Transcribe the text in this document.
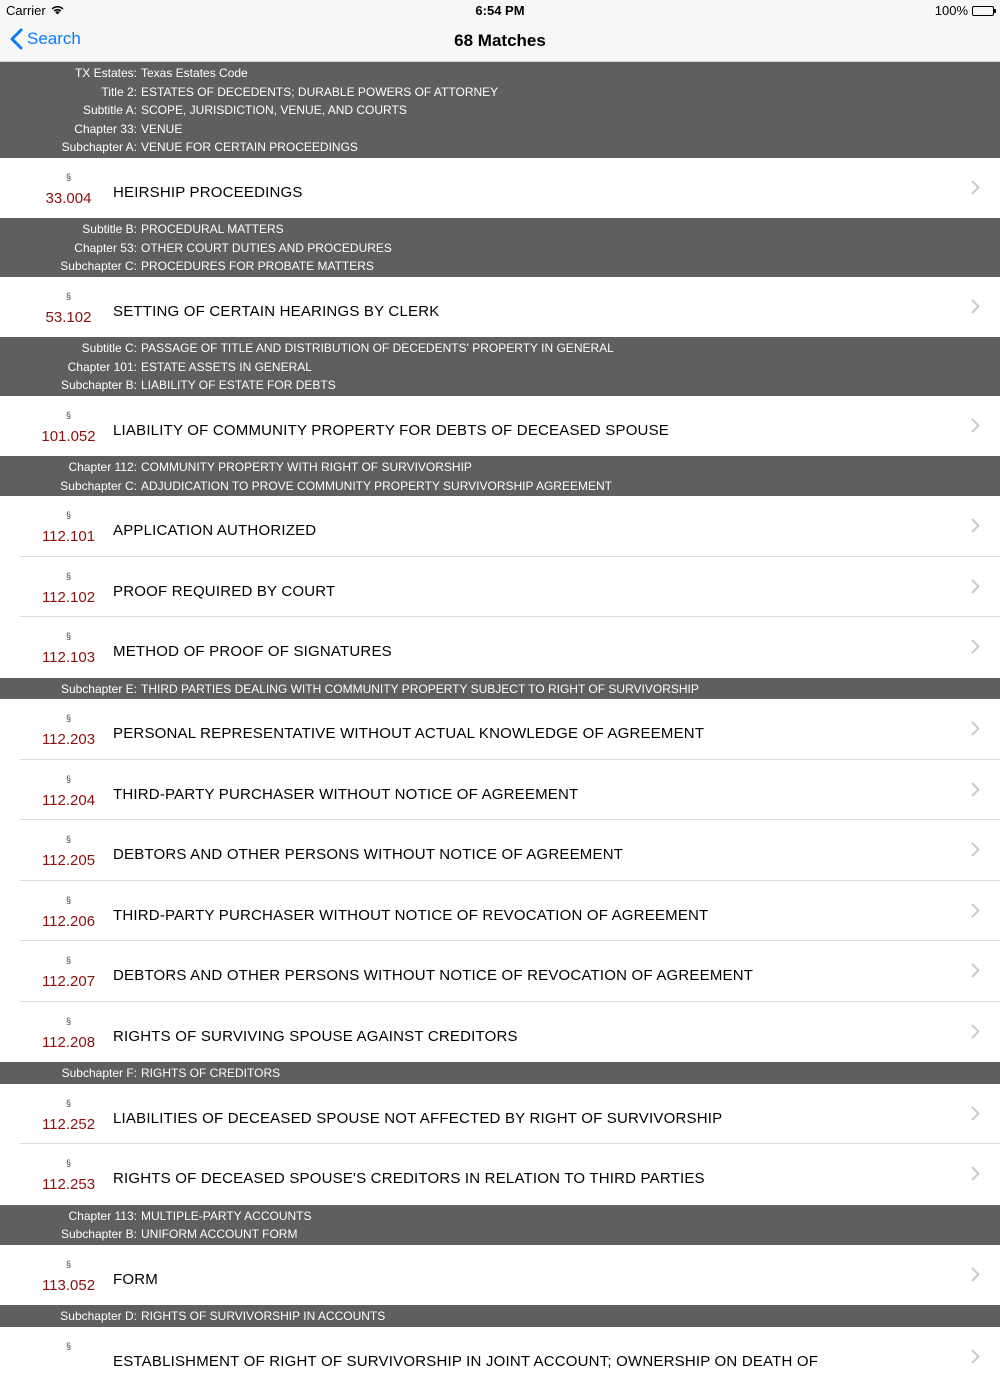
Carrier	6:54 PM	100%
Search	68 Matches
TX Estates: Texas Estates Code
Title 2: ESTATES OF DECEDENTS; DURABLE POWERS OF ATTORNEY
Subtitle A: SCOPE, JURISDICTION, VENUE, AND COURTS
Chapter 33: VENUE
Subchapter A: VENUE FOR CERTAIN PROCEEDINGS
§
33.004	HEIRSHIP PROCEEDINGS
Subtitle B: PROCEDURAL MATTERS
Chapter 53: OTHER COURT DUTIES AND PROCEDURES
Subchapter C: PROCEDURES FOR PROBATE MATTERS
§
53.102	SETTING OF CERTAIN HEARINGS BY CLERK
Subtitle C: PASSAGE OF TITLE AND DISTRIBUTION OF DECEDENTS' PROPERTY IN GENERAL
Chapter 101: ESTATE ASSETS IN GENERAL
Subchapter B: LIABILITY OF ESTATE FOR DEBTS
§
101.052	LIABILITY OF COMMUNITY PROPERTY FOR DEBTS OF DECEASED SPOUSE
Chapter 112: COMMUNITY PROPERTY WITH RIGHT OF SURVIVORSHIP
Subchapter C: ADJUDICATION TO PROVE COMMUNITY PROPERTY SURVIVORSHIP AGREEMENT
§
112.101	APPLICATION AUTHORIZED
§
112.102	PROOF REQUIRED BY COURT
§
112.103	METHOD OF PROOF OF SIGNATURES
Subchapter E: THIRD PARTIES DEALING WITH COMMUNITY PROPERTY SUBJECT TO RIGHT OF SURVIVORSHIP
§
112.203	PERSONAL REPRESENTATIVE WITHOUT ACTUAL KNOWLEDGE OF AGREEMENT
§
112.204	THIRD-PARTY PURCHASER WITHOUT NOTICE OF AGREEMENT
§
112.205	DEBTORS AND OTHER PERSONS WITHOUT NOTICE OF AGREEMENT
§
112.206	THIRD-PARTY PURCHASER WITHOUT NOTICE OF REVOCATION OF AGREEMENT
§
112.207	DEBTORS AND OTHER PERSONS WITHOUT NOTICE OF REVOCATION OF AGREEMENT
§
112.208	RIGHTS OF SURVIVING SPOUSE AGAINST CREDITORS
Subchapter F: RIGHTS OF CREDITORS
§
112.252	LIABILITIES OF DECEASED SPOUSE NOT AFFECTED BY RIGHT OF SURVIVORSHIP
§
112.253	RIGHTS OF DECEASED SPOUSE'S CREDITORS IN RELATION TO THIRD PARTIES
Chapter 113: MULTIPLE-PARTY ACCOUNTS
Subchapter B: UNIFORM ACCOUNT FORM
§
113.052	FORM
Subchapter D: RIGHTS OF SURVIVORSHIP IN ACCOUNTS
§
ESTABLISHMENT OF RIGHT OF SURVIVORSHIP IN JOINT ACCOUNT; OWNERSHIP ON DEATH OF
